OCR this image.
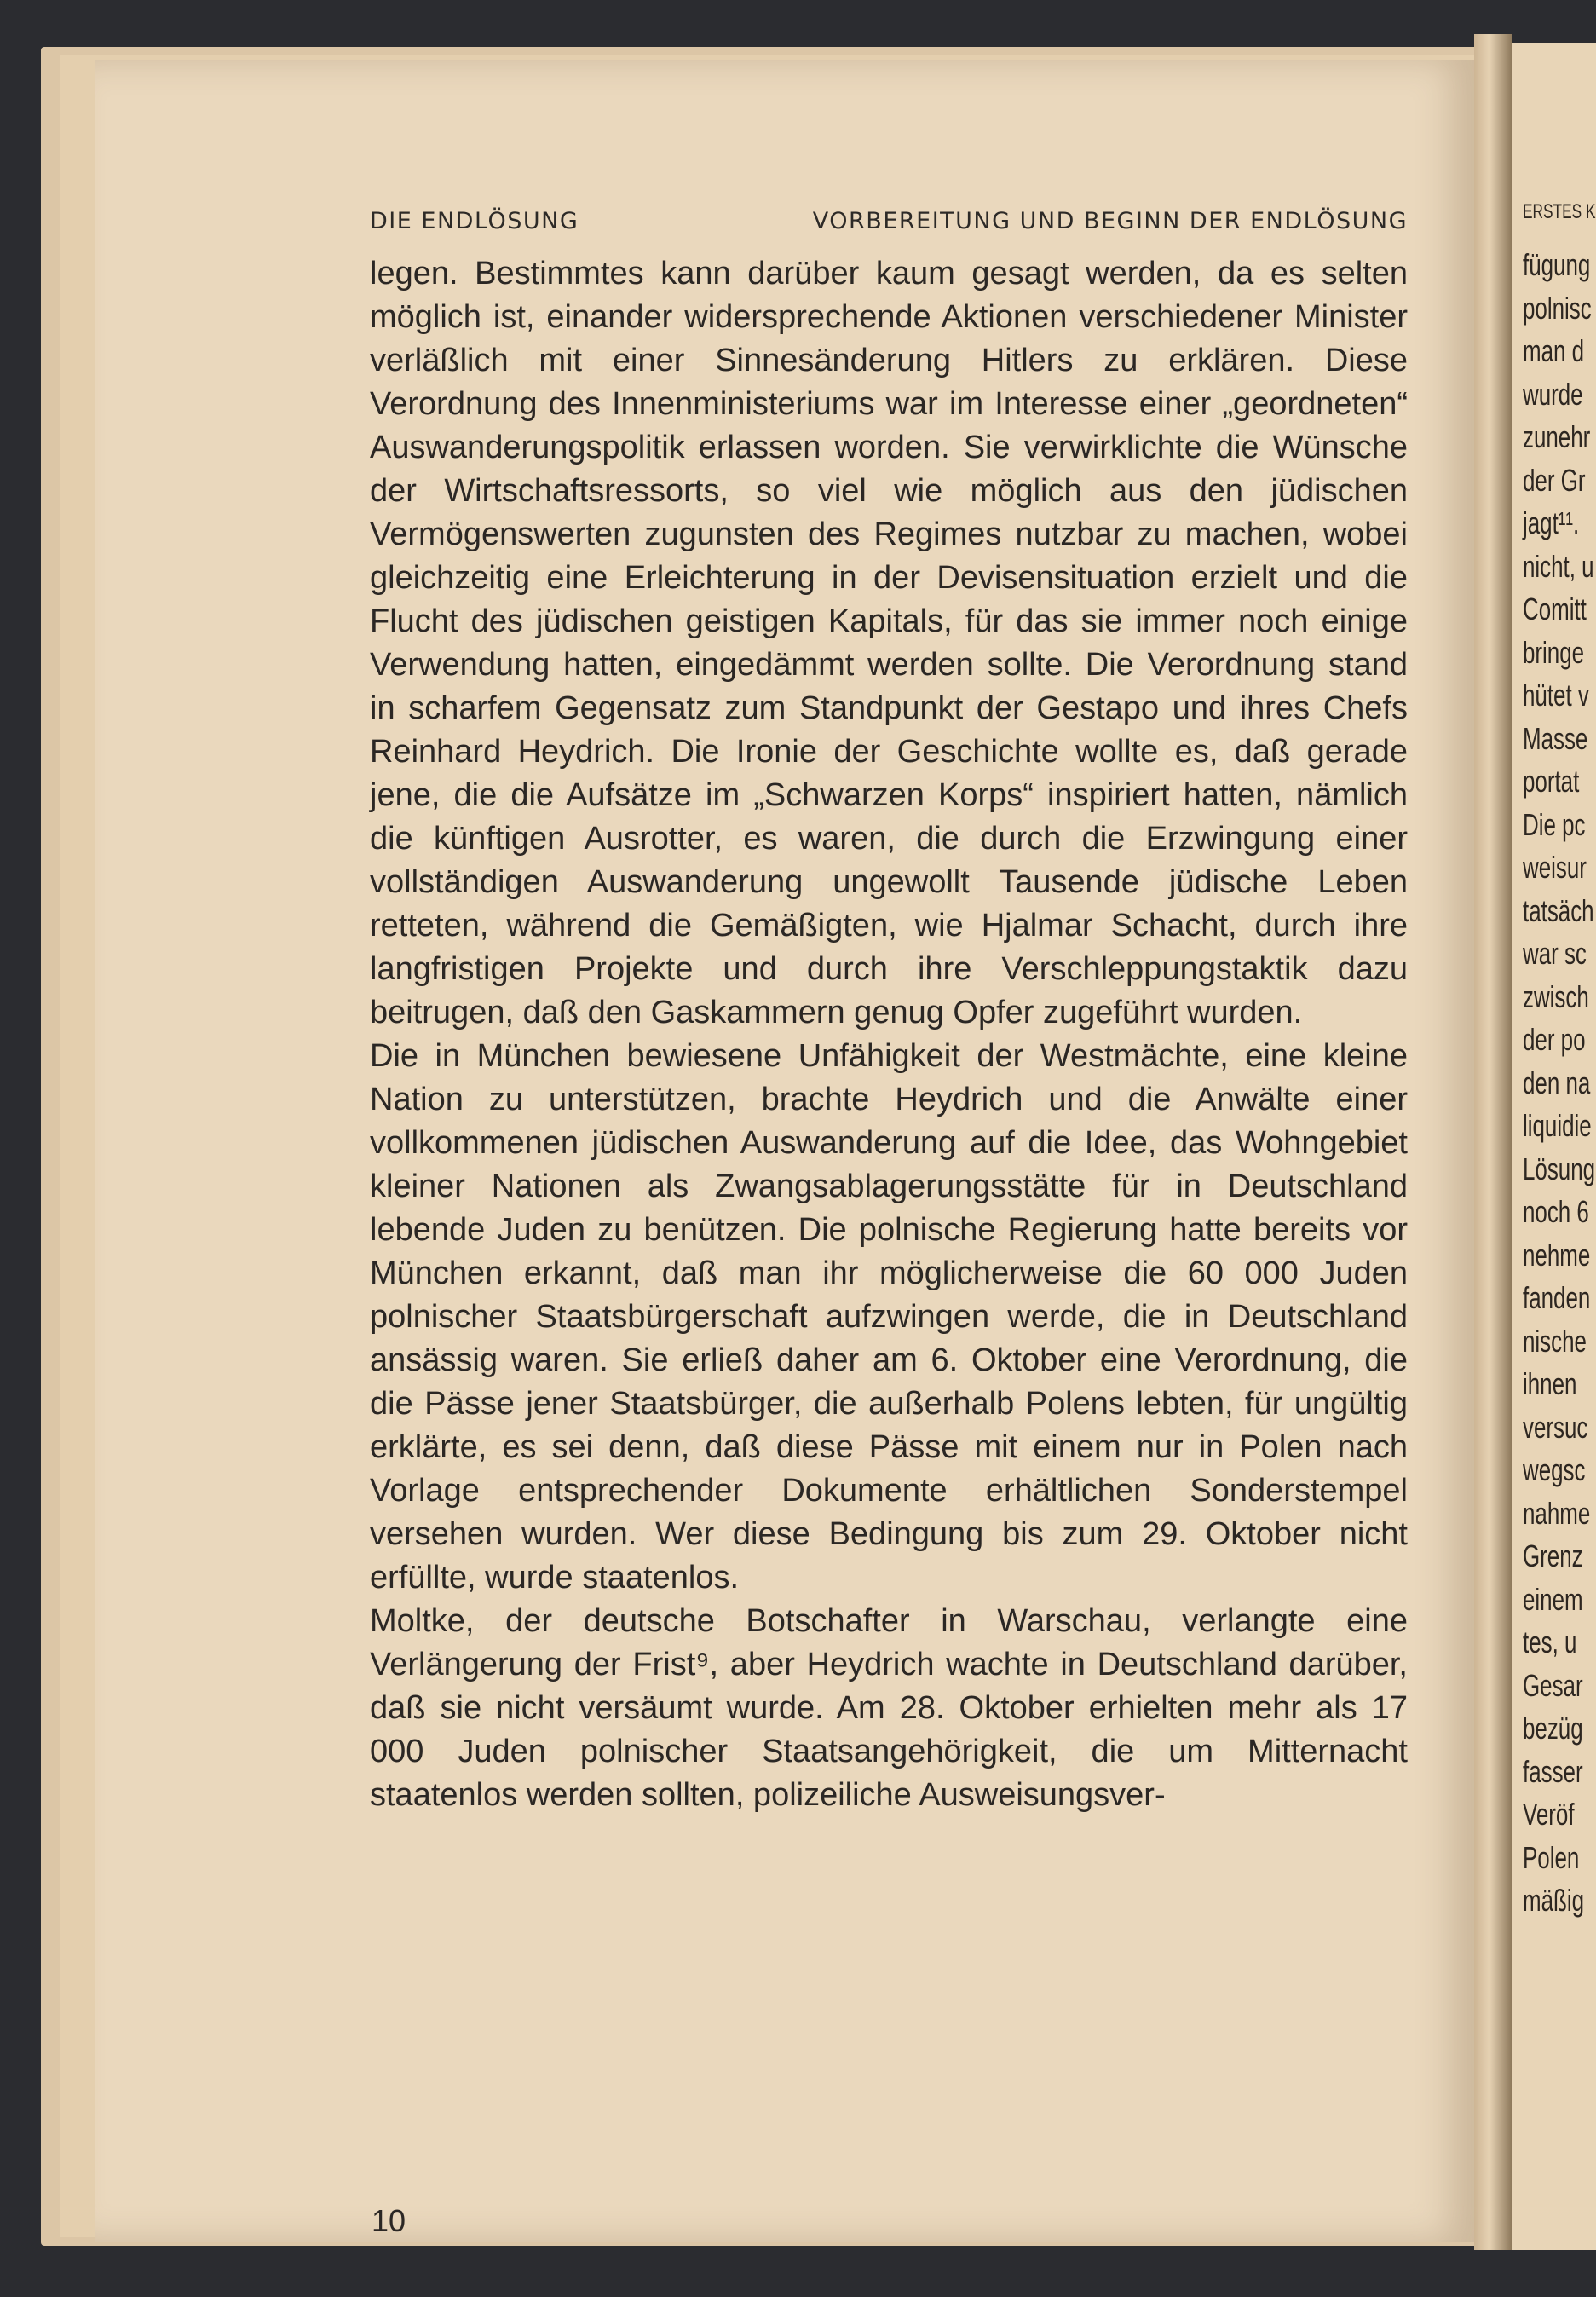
ERSTES K
fügung
polnisc
man d
wurde
zunehr
der Gr
jagt¹¹.
nicht, u
Comitt
bringe
hütet v
Masse
portat
Die pc
weisur
tatsäch
war sc
zwisch
der po
den na
liquidie
Lösung
noch 6
nehme
fanden
nische
ihnen
versuc
wegsc
nahme
Grenz
einem
tes, u
Gesar
bezüg
fasser
Veröf
Polen
mäßig
DIE ENDLÖSUNG	VORBEREITUNG UND BEGINN DER ENDLÖSUNG

legen. Bestimmtes kann darüber kaum gesagt werden, da es selten möglich ist, einander widersprechende Aktionen verschiedener Minister verläßlich mit einer Sinnesänderung Hitlers zu erklären. Diese Verordnung des Innenministeriums war im Interesse einer „geordneten“ Auswanderungspolitik erlassen worden. Sie verwirklichte die Wünsche der Wirtschaftsressorts, so viel wie möglich aus den jüdischen Vermögenswerten zugunsten des Regimes nutzbar zu machen, wobei gleichzeitig eine Erleichterung in der Devisensituation erzielt und die Flucht des jüdischen geistigen Kapitals, für das sie immer noch einige Verwendung hatten, eingedämmt werden sollte. Die Verordnung stand in scharfem Gegensatz zum Standpunkt der Gestapo und ihres Chefs Reinhard Heydrich. Die Ironie der Geschichte wollte es, daß gerade jene, die die Aufsätze im „Schwarzen Korps“ inspiriert hatten, nämlich die künftigen Ausrotter, es waren, die durch die Erzwingung einer vollständigen Auswanderung ungewollt Tausende jüdische Leben retteten, während die Gemäßigten, wie Hjalmar Schacht, durch ihre langfristigen Projekte und durch ihre Verschleppungstaktik dazu beitrugen, daß den Gaskammern genug Opfer zugeführt wurden.

Die in München bewiesene Unfähigkeit der Westmächte, eine kleine Nation zu unterstützen, brachte Heydrich und die Anwälte einer vollkommenen jüdischen Auswanderung auf die Idee, das Wohngebiet kleiner Nationen als Zwangsablagerungsstätte für in Deutschland lebende Juden zu benützen. Die polnische Regierung hatte bereits vor München erkannt, daß man ihr möglicherweise die 60 000 Juden polnischer Staatsbürgerschaft aufzwingen werde, die in Deutschland ansässig waren. Sie erließ daher am 6. Oktober eine Verordnung, die die Pässe jener Staatsbürger, die außerhalb Polens lebten, für ungültig erklärte, es sei denn, daß diese Pässe mit einem nur in Polen nach Vorlage entsprechender Dokumente erhältlichen Sonderstempel versehen wurden. Wer diese Bedingung bis zum 29. Oktober nicht erfüllte, wurde staatenlos.

Moltke, der deutsche Botschafter in Warschau, verlangte eine Verlängerung der Frist⁹, aber Heydrich wachte in Deutschland darüber, daß sie nicht versäumt wurde. Am 28. Oktober erhielten mehr als 17 000 Juden polnischer Staatsangehörigkeit, die um Mitternacht staatenlos werden sollten, polizeiliche Ausweisungsver-

10
